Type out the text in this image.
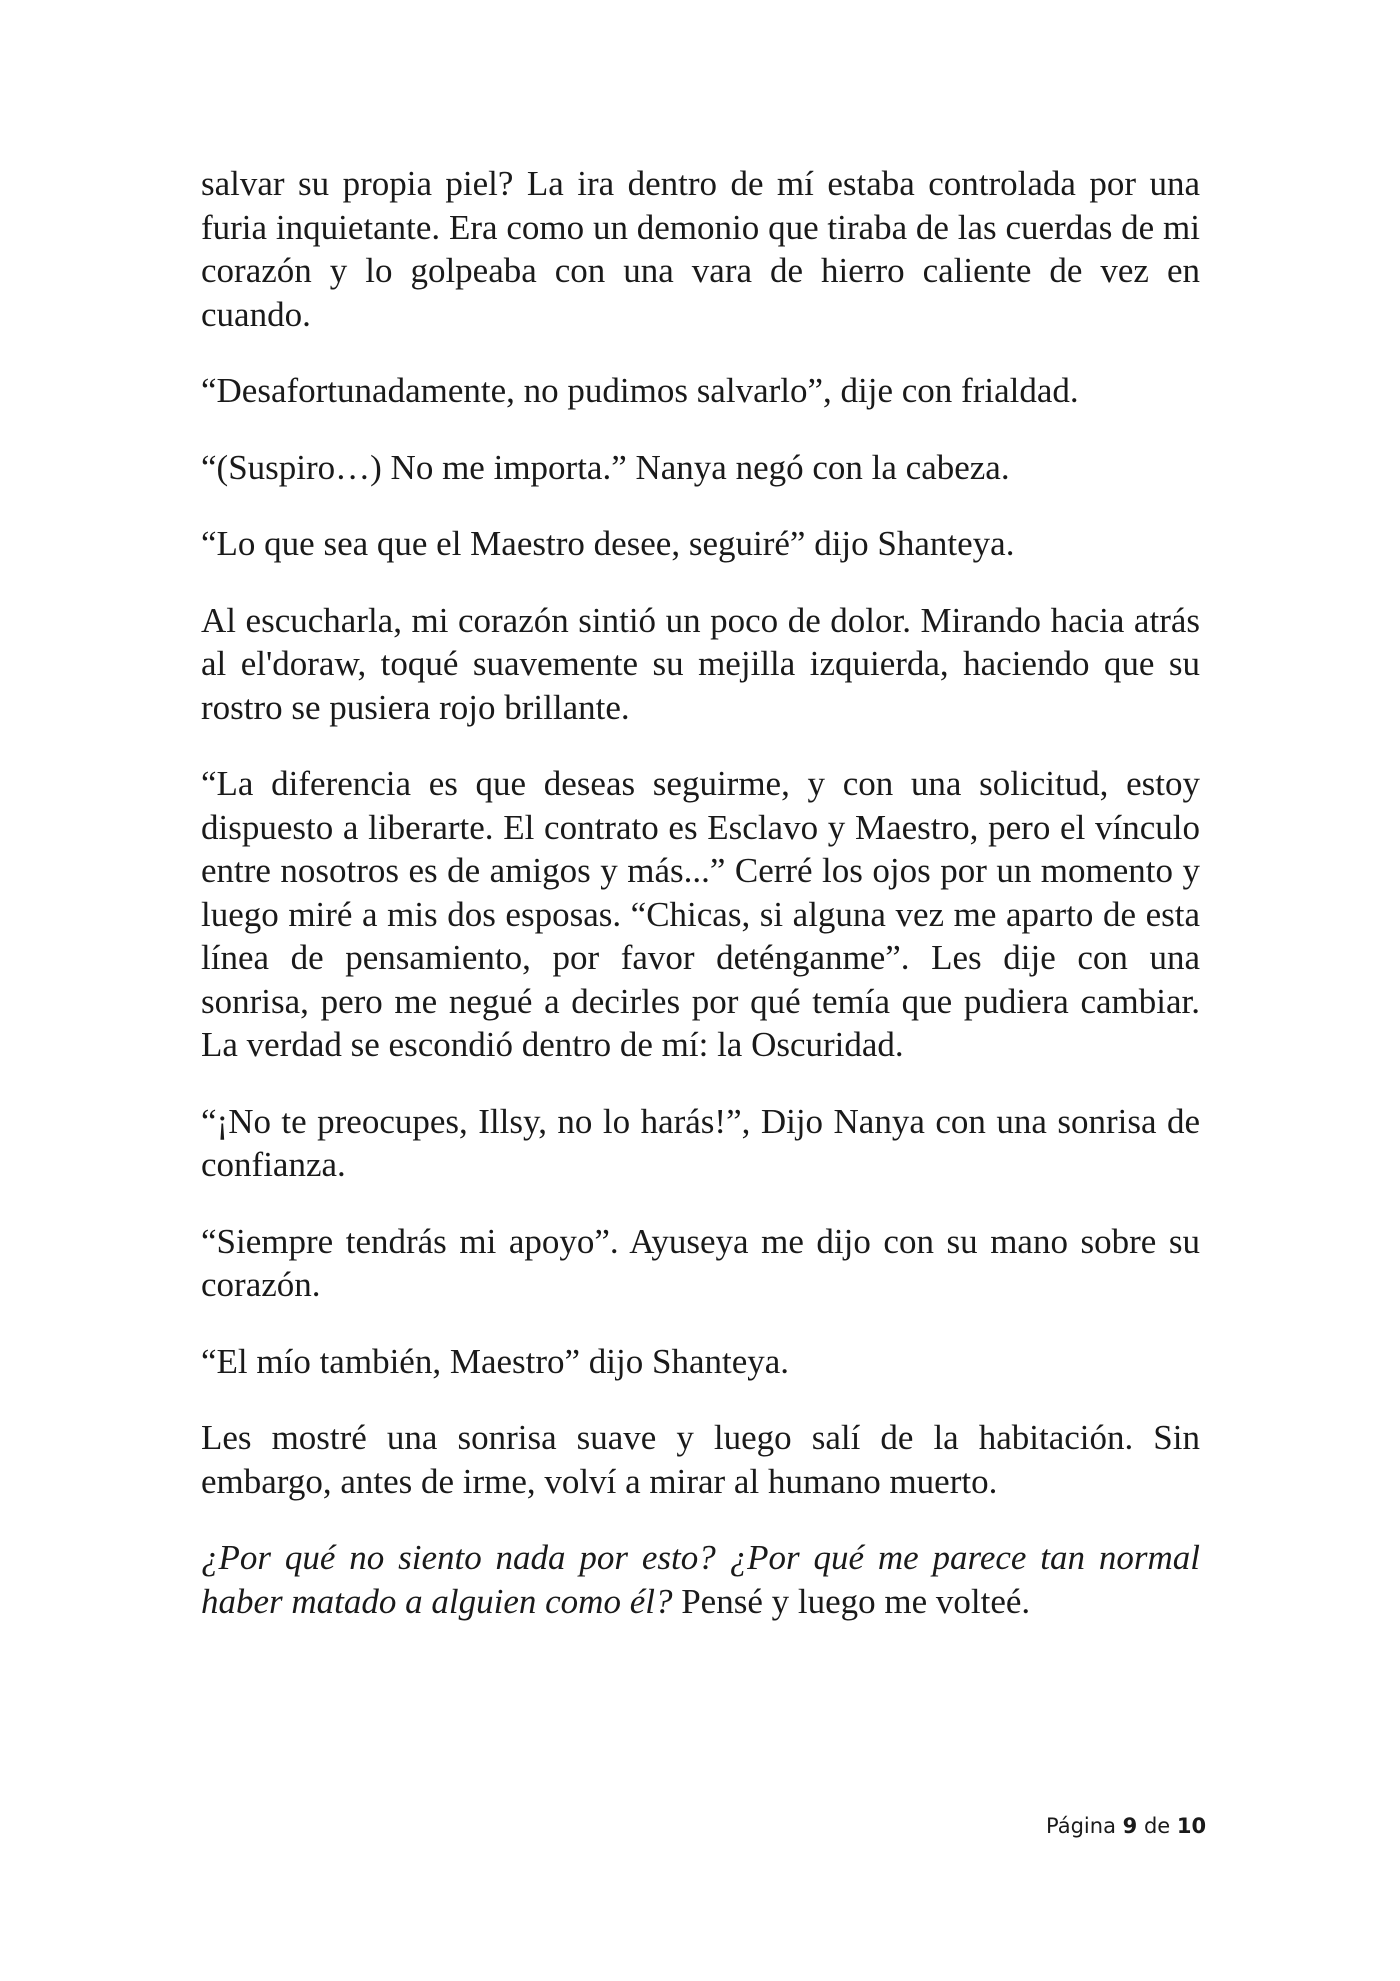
salvar su propia piel? La ira dentro de mí estaba controlada por una furia inquietante. Era como un demonio que tiraba de las cuerdas de mi corazón y lo golpeaba con una vara de hierro caliente de vez en cuando.

“Desafortunadamente, no pudimos salvarlo”, dije con frialdad.

“(Suspiro…) No me importa.” Nanya negó con la cabeza.

“Lo que sea que el Maestro desee, seguiré” dijo Shanteya.

Al escucharla, mi corazón sintió un poco de dolor. Mirando hacia atrás al el'doraw, toqué suavemente su mejilla izquierda, haciendo que su rostro se pusiera rojo brillante.

“La diferencia es que deseas seguirme, y con una solicitud, estoy dispuesto a liberarte. El contrato es Esclavo y Maestro, pero el vínculo entre nosotros es de amigos y más...” Cerré los ojos por un momento y luego miré a mis dos esposas. “Chicas, si alguna vez me aparto de esta línea de pensamiento, por favor deténganme”. Les dije con una sonrisa, pero me negué a decirles por qué temía que pudiera cambiar. La verdad se escondió dentro de mí: la Oscuridad.

“¡No te preocupes, Illsy, no lo harás!”, Dijo Nanya con una sonrisa de confianza.

“Siempre tendrás mi apoyo”. Ayuseya me dijo con su mano sobre su corazón.

“El mío también, Maestro” dijo Shanteya.

Les mostré una sonrisa suave y luego salí de la habitación. Sin embargo, antes de irme, volví a mirar al humano muerto.

¿Por qué no siento nada por esto? ¿Por qué me parece tan normal haber matado a alguien como él? Pensé y luego me volteé.

Página 9 de 10
